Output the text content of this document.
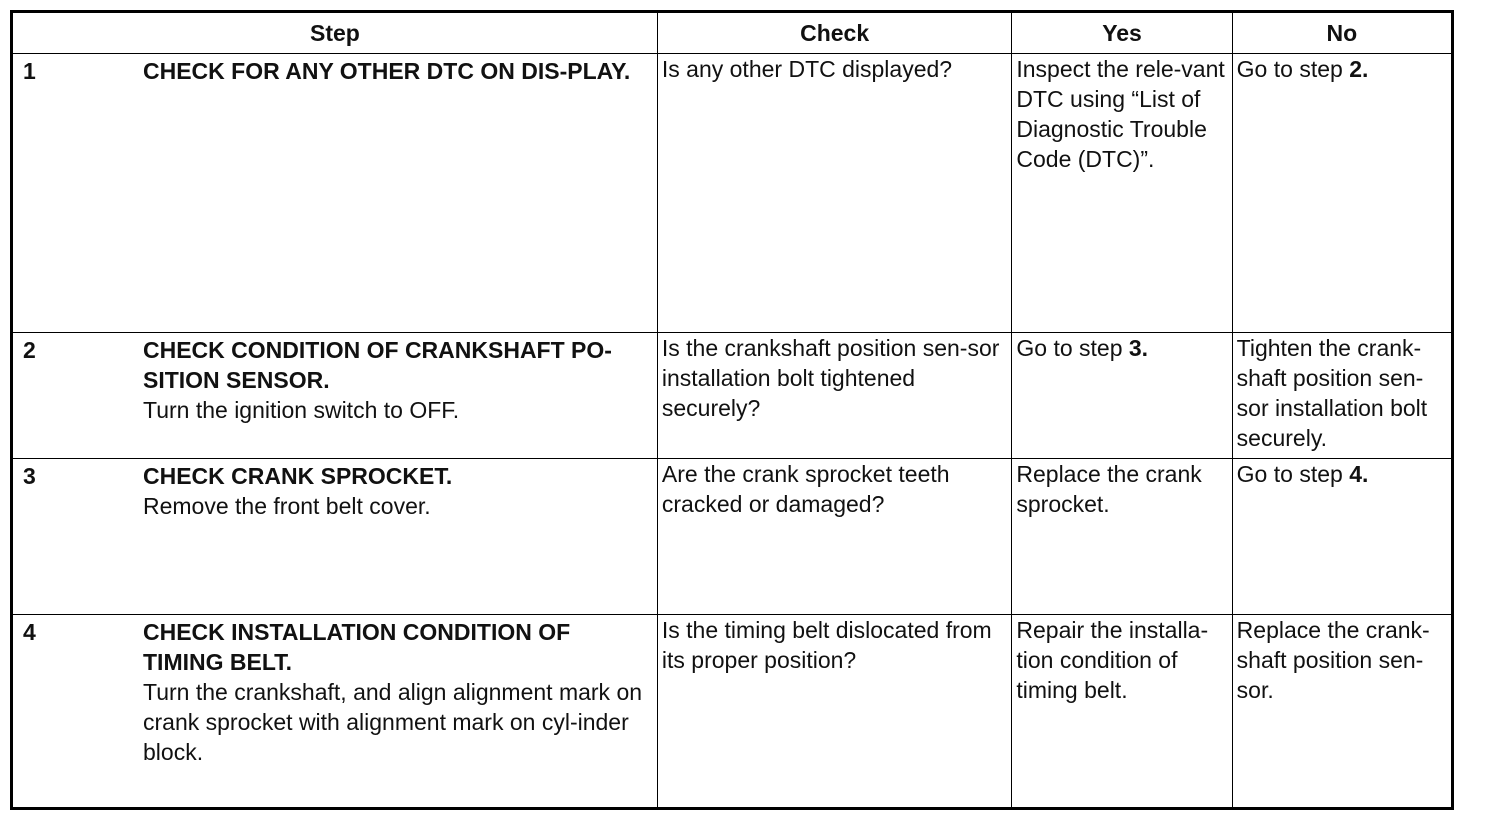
Step	Check	Yes	No

1 CHECK FOR ANY OTHER DTC ON DIS-PLAY.	Is any other DTC displayed?	Inspect the rele-vant DTC using “List of Diagnostic Trouble Code (DTC)”.	Go to step 2.

2 CHECK CONDITION OF CRANKSHAFT PO-SITION SENSOR.
Turn the ignition switch to OFF.	Is the crankshaft position sen-sor installation bolt tightened securely?	Go to step 3.	Tighten the crank-shaft position sen-sor installation bolt securely.

3 CHECK CRANK SPROCKET.
Remove the front belt cover.	Are the crank sprocket teeth cracked or damaged?	Replace the crank sprocket.	Go to step 4.

4 CHECK INSTALLATION CONDITION OF TIMING BELT.
Turn the crankshaft, and align alignment mark on crank sprocket with alignment mark on cyl-inder block.	Is the timing belt dislocated from its proper position?	Repair the installa-tion condition of timing belt.	Replace the crank-shaft position sen-sor.
